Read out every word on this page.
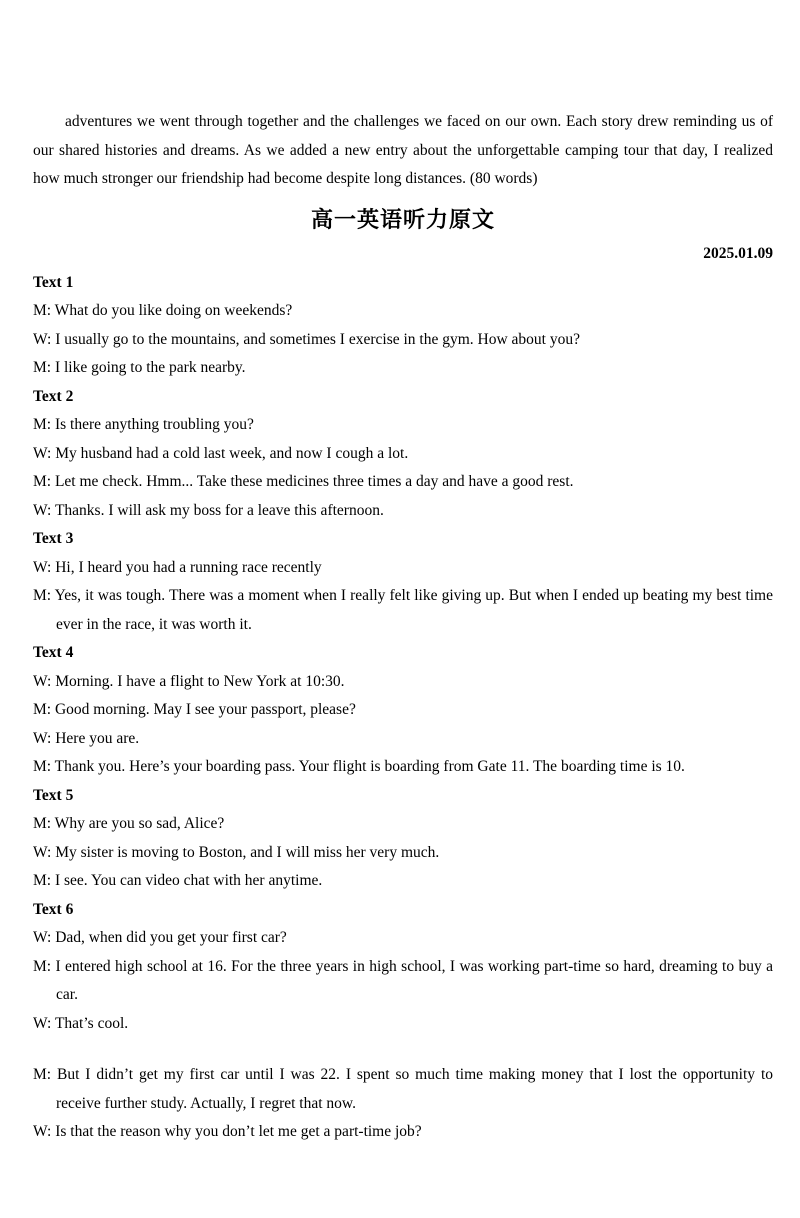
adventures we went through together and the challenges we faced on our own. Each story drew reminding us of our shared histories and dreams. As we added a new entry about the unforgettable camping tour that day, I realized how much stronger our friendship had become despite long distances. (80 words)

高一英语听力原文
2025.01.09
Text 1
M: What do you like doing on weekends?
W: I usually go to the mountains, and sometimes I exercise in the gym. How about you?
M: I like going to the park nearby.
Text 2
M: Is there anything troubling you?
W: My husband had a cold last week, and now I cough a lot.
M: Let me check. Hmm... Take these medicines three times a day and have a good rest.
W: Thanks. I will ask my boss for a leave this afternoon.
Text 3
W: Hi, I heard you had a running race recently
M: Yes, it was tough. There was a moment when I really felt like giving up. But when I ended up beating my best time ever in the race, it was worth it.
Text 4
W: Morning. I have a flight to New York at 10:30.
M: Good morning. May I see your passport, please?
W: Here you are.
M: Thank you. Here’s your boarding pass. Your flight is boarding from Gate 11. The boarding time is 10.
Text 5
M: Why are you so sad, Alice?
W: My sister is moving to Boston, and I will miss her very much.
M: I see. You can video chat with her anytime.
Text 6
W: Dad, when did you get your first car?
M: I entered high school at 16. For the three years in high school, I was working part-time so hard, dreaming to buy a car.
W: That’s cool.
M: But I didn’t get my first car until I was 22. I spent so much time making money that I lost the opportunity to receive further study. Actually, I regret that now.
W: Is that the reason why you don’t let me get a part-time job?
